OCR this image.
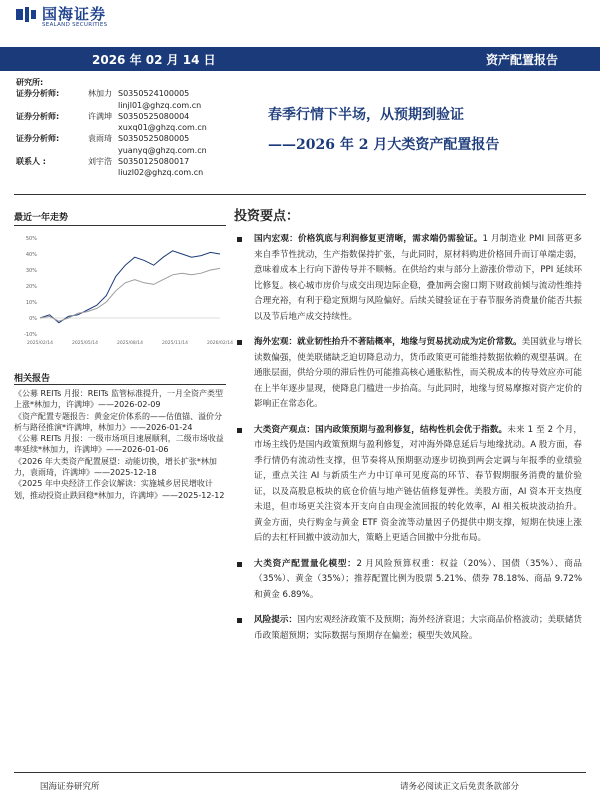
国海证券
SEALAND SECURITIES
2026 年 02 月 14 日	资产配置报告
研究所:
证券分析师:	林加力 S0350524100005
linjl01@ghzq.com.cn
证券分析师:	许满坤 S0350525080004
xuxq01@ghzq.com.cn
证券分析师:	袁雨琦 S0350525080005
yuanyq@ghzq.com.cn
联系人 :	刘宇浩 S0350125080017
liuzl02@ghzq.com.cn
春季行情下半场，从预期到验证
——2026 年 2 月大类资产配置报告
最近一年走势
-10%
0%
10%
20%
30%
40%
50%
2025/02/14	2025/05/14	2025/08/14	2025/11/14	2026/02/14
相关报告

《公募 REITs 月报：REITs 监管标准提升，一月全资产类型上涨*林加力，许满坤》——2026-02-09

《资产配置专题报告：黄金定价体系的——估值锚、溢价分析与路径推演*许满坤，林加力》——2026-01-24

《公募 REITs 月报：一级市场项目速展顺利，二级市场收益率延续*林加力，许满坤》——2026-01-06

《2026 年大类资产配置展望：动能切换，增长扩张*林加力，袁雨琦，许满坤》——2025-12-18

《2025 年中央经济工作会议解读：实施城乡居民增收计划，推动投资止跌回稳*林加力，许满坤》——2025-12-12

投资要点：
国内宏观：价格筑底与利润修复更清晰，需求端仍需验证。1 月制造业 PMI 回落更多来自季节性扰动，生产指数保持扩张，与此同时，原材料购进价格回升而订单端走弱，意味着成本上行向下游传导并不顺畅。在供给约束与部分上游涨价带动下，PPI 延续环比修复。核心城市房价与成交出现边际企稳，叠加两会窗口期下财政前倾与流动性维持合理充裕，有利于稳定预期与风险偏好。后续关键验证在于春节服务消费量价能否共振以及节后地产成交持续性。
海外宏观：就业韧性抬升不著陆概率，地缘与贸易扰动成为定价常数。美国就业与增长读数偏强，使美联储缺乏迫切降息动力，货币政策更可能维持数据依赖的观望基调。在通胀层面，供给分项的滞后性仍可能推高核心通胀粘性，而关税成本的传导效应亦可能在上半年逐步显现，使降息门槛进一步抬高。与此同时，地缘与贸易摩擦对资产定价的影响正在常态化。
大类资产观点：国内政策预期与盈利修复，结构性机会优于指数。未来 1 至 2 个月，市场主线仍是国内政策预期与盈利修复，对冲海外降息延后与地缘扰动。A 股方面，春季行情仍有流动性支撑，但节奏将从预期驱动逐步切换到两会定调与年报季的业绩验证，重点关注 AI 与新质生产力中订单可见度高的环节、春节假期服务消费的量价验证，以及高股息板块的底仓价值与地产链估值修复弹性。美股方面，AI 资本开支热度未退，但市场更关注资本开支向自由现金流回报的转化效率，AI 相关板块波动抬升。黄金方面，央行购金与黄金 ETF 资金流等动量因子仍提供中期支撑，短期在快速上涨后的去杠杆回撤中波动加大，策略上更适合回撤中分批布局。
大类资产配置量化模型：2 月风险预算权重：权益（20%）、国债（35%）、商品（35%）、黄金（35%）；推荐配置比例为股票 5.21%、债券 78.18%、商品 9.72%和黄金 6.89%。
风险提示：国内宏观经济政策不及预期；海外经济衰退；大宗商品价格波动；美联储货币政策超预期；实际数据与预期存在偏差；模型失效风险。
国海证券研究所	请务必阅读正文后免责条款部分
